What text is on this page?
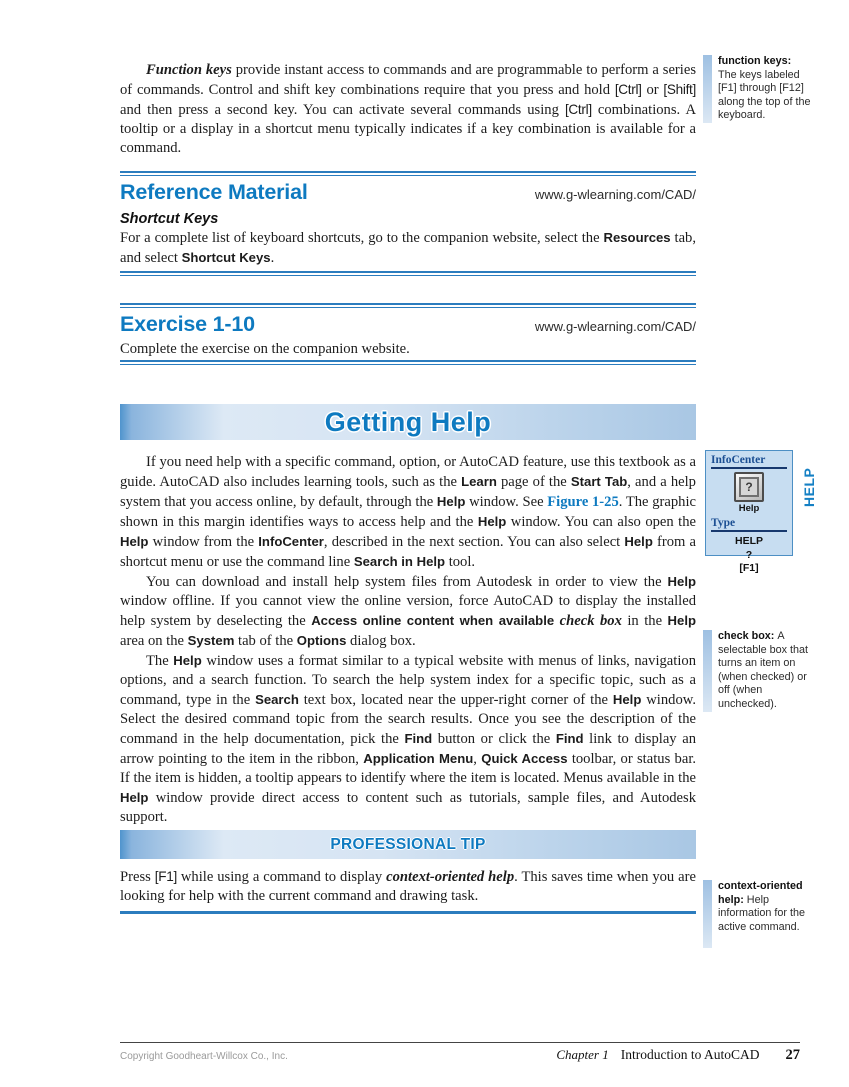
Function keys provide instant access to commands and are programmable to perform a series of commands. Control and shift key combinations require that you press and hold [Ctrl] or [Shift] and then press a second key. You can activate several commands using [Ctrl] combinations. A tooltip or a display in a shortcut menu typically indicates if a key combination is available for a command.

Reference Material	www.g-wlearning.com/CAD/
Shortcut Keys

For a complete list of keyboard shortcuts, go to the companion website, select the Resources tab, and select Shortcut Keys.

Exercise 1-10	www.g-wlearning.com/CAD/

Complete the exercise on the companion website.

Getting Help

If you need help with a specific command, option, or AutoCAD feature, use this textbook as a guide. AutoCAD also includes learning tools, such as the Learn page of the Start Tab, and a help system that you access online, by default, through the Help window. See Figure 1-25. The graphic shown in this margin identifies ways to access help and the Help window. You can also open the Help window from the InfoCenter, described in the next section. You can also select Help from a shortcut menu or use the command line Search in Help tool.

You can download and install help system files from Autodesk in order to view the Help window offline. If you cannot view the online version, force AutoCAD to display the installed help system by deselecting the Access online content when available check box in the Help area on the System tab of the Options dialog box.

The Help window uses a format similar to a typical website with menus of links, navigation options, and a search function. To search the help system index for a specific topic, such as a command, type in the Search text box, located near the upper-right corner of the Help window. Select the desired command topic from the search results. Once you see the description of the command in the help documentation, pick the Find button or click the Find link to display an arrow pointing to the item in the ribbon, Application Menu, Quick Access toolbar, or status bar. If the item is hidden, a tooltip appears to identify where the item is located. Menus available in the Help window provide direct access to content such as tutorials, sample files, and Autodesk support.

PROFESSIONAL TIP

Press [F1] while using a command to display context-oriented help. This saves time when you are looking for help with the current command and drawing task.

function keys:
The keys labeled [F1] through [F12] along the top of the keyboard.

InfoCenter
?
Help
Type
HELP
?
[F1]
HELP

check box: A selectable box that turns an item on (when checked) or off (when unchecked).

context-oriented help: Help information for the active command.

Copyright Goodheart-Willcox Co., Inc.	Chapter 1 Introduction to AutoCAD 27
